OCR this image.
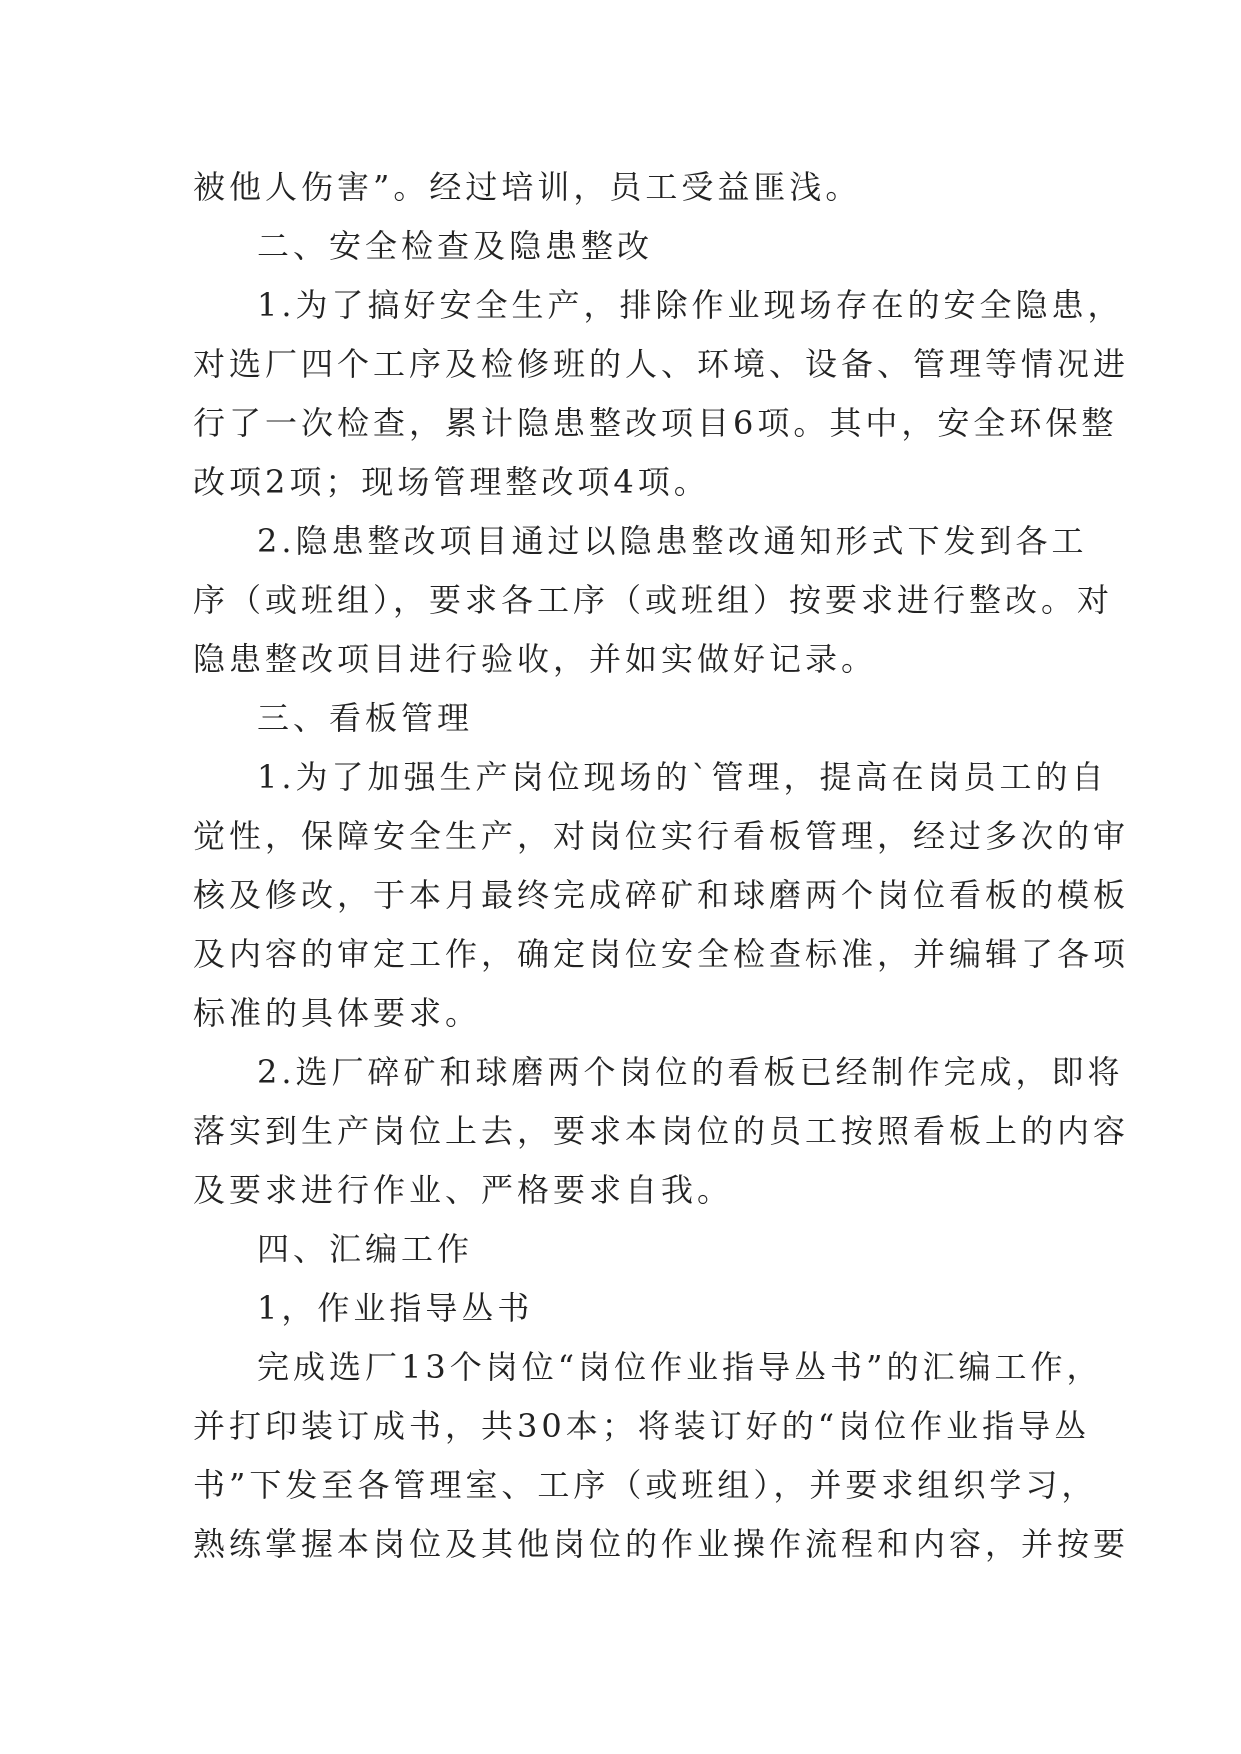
被他人伤害”。经过培训，员工受益匪浅。
二、安全检查及隐患整改
1.为了搞好安全生产，排除作业现场存在的安全隐患，
对选厂四个工序及检修班的人、环境、设备、管理等情况进
行了一次检查，累计隐患整改项目6项。其中，安全环保整
改项2项；现场管理整改项4项。
2.隐患整改项目通过以隐患整改通知形式下发到各工
序（或班组），要求各工序（或班组）按要求进行整改。对
隐患整改项目进行验收，并如实做好记录。
三、看板管理
1.为了加强生产岗位现场的`管理，提高在岗员工的自
觉性，保障安全生产，对岗位实行看板管理，经过多次的审
核及修改，于本月最终完成碎矿和球磨两个岗位看板的模板
及内容的审定工作，确定岗位安全检查标准，并编辑了各项
标准的具体要求。
2.选厂碎矿和球磨两个岗位的看板已经制作完成，即将
落实到生产岗位上去，要求本岗位的员工按照看板上的内容
及要求进行作业、严格要求自我。
四、汇编工作
1，作业指导丛书
完成选厂13个岗位“岗位作业指导丛书”的汇编工作，
并打印装订成书，共30本；将装订好的“岗位作业指导丛
书”下发至各管理室、工序（或班组），并要求组织学习，
熟练掌握本岗位及其他岗位的作业操作流程和内容，并按要
